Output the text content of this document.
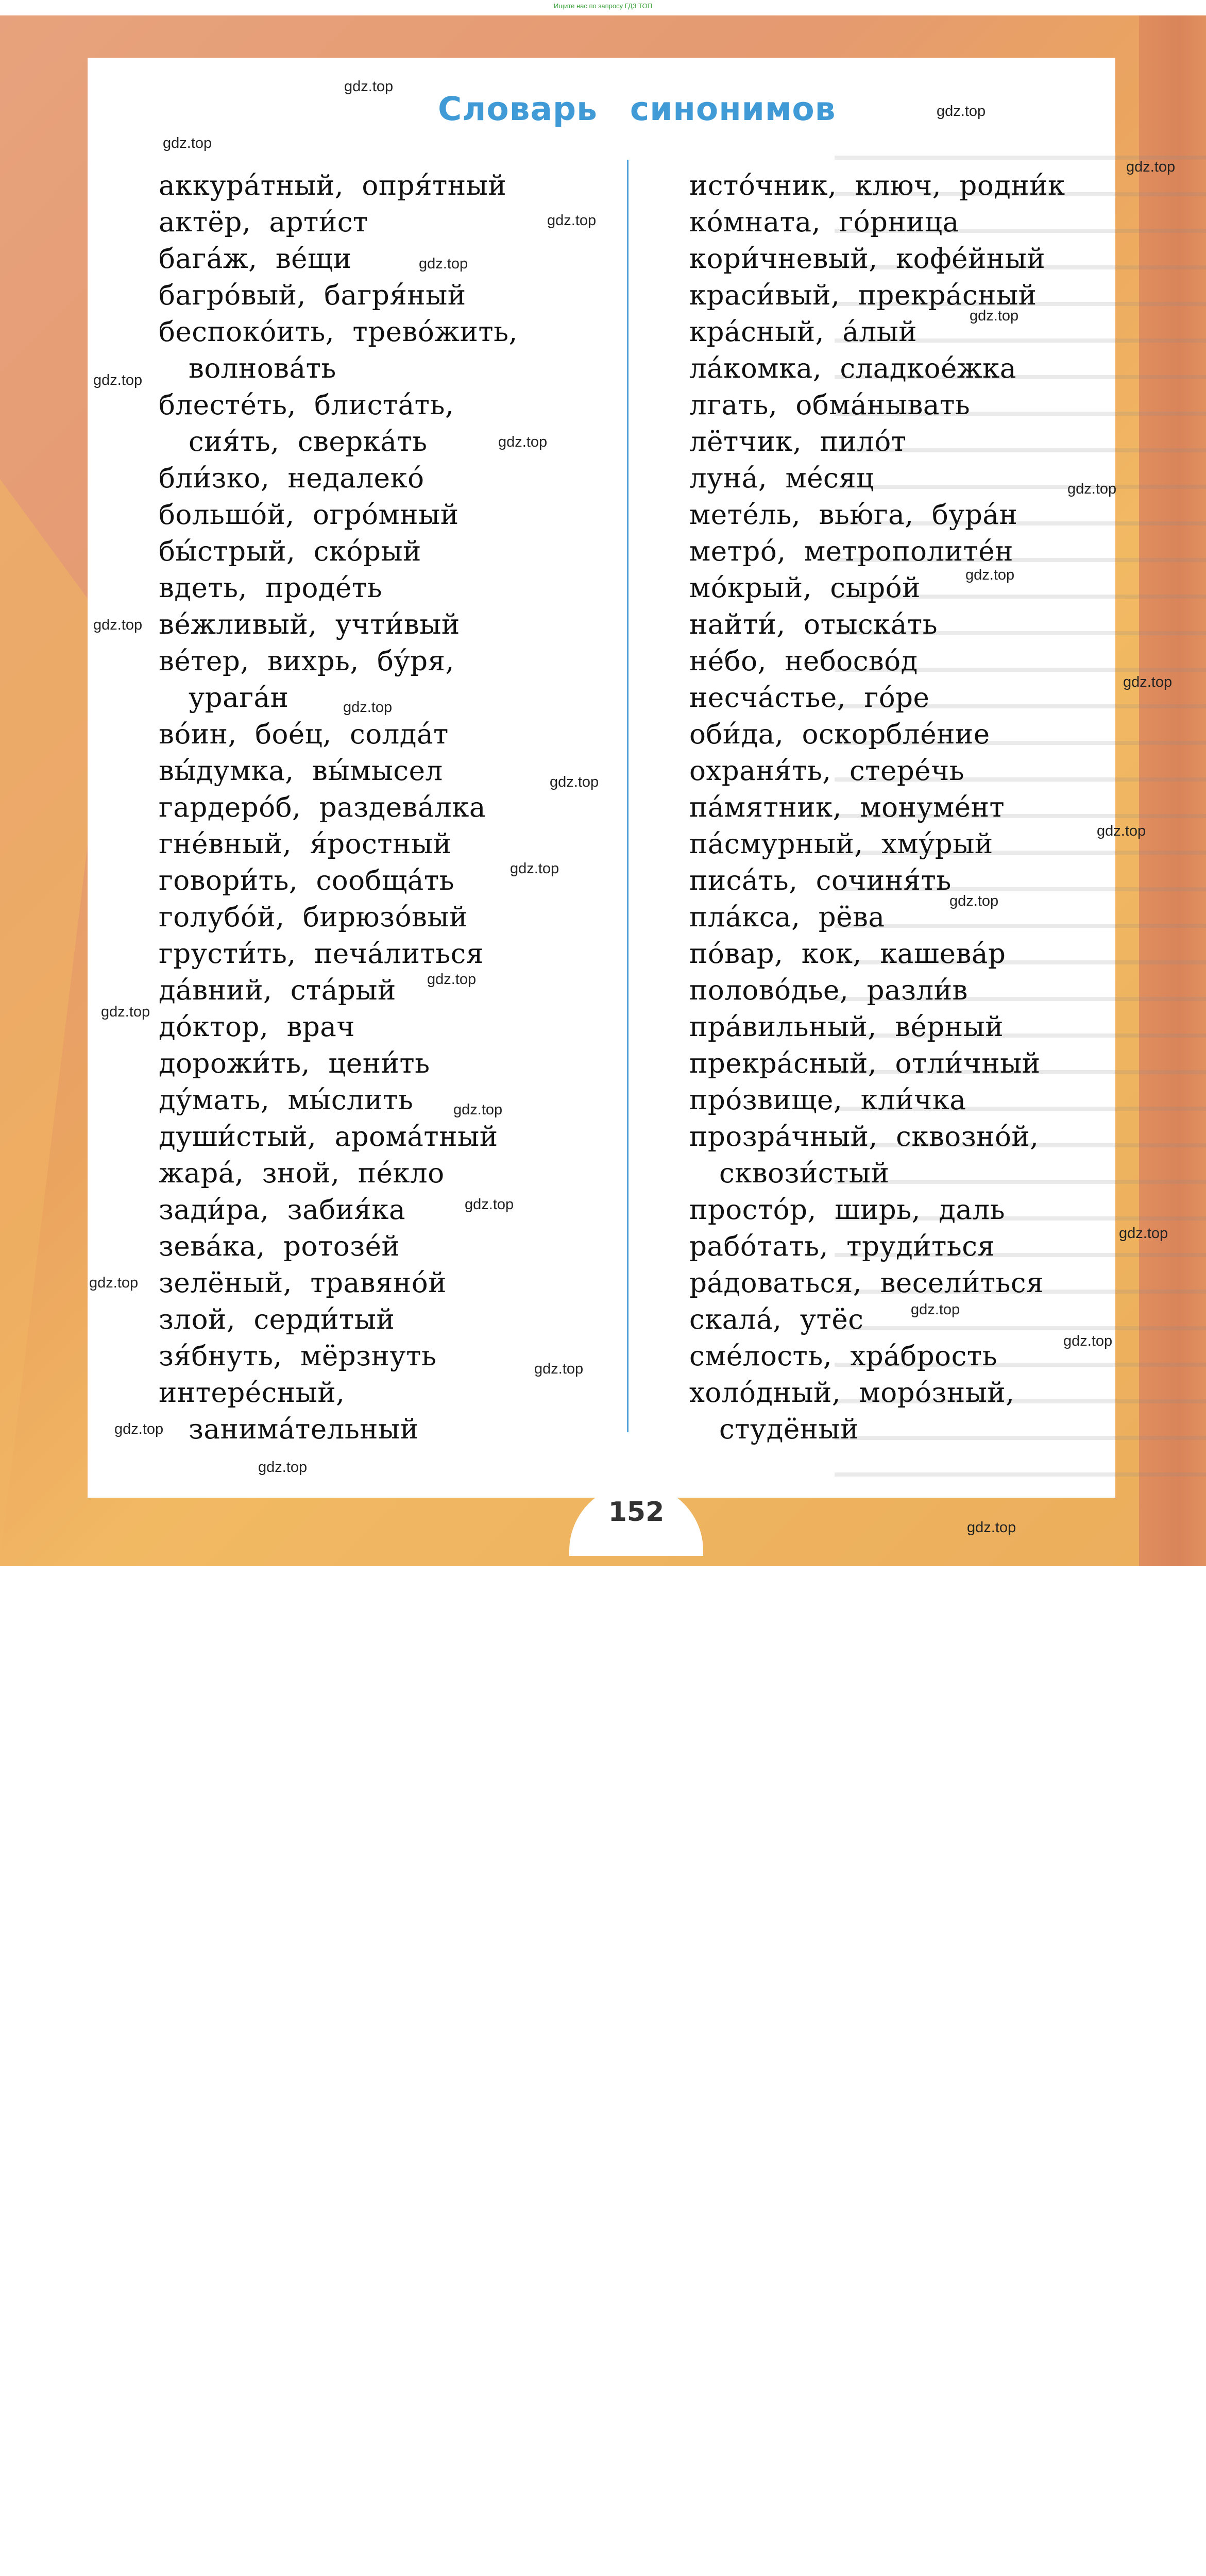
Ищите нас по запросу ГДЗ ТОП
Словарь синонимов
аккура́тный, опря́тный
актёр, арти́ст
бага́ж, ве́щи
багро́вый, багря́ный
беспоко́ить, трево́жить,
волнова́ть
блесте́ть, блиста́ть,
сия́ть, сверка́ть
бли́зко, недалеко́
большо́й, огро́мный
бы́стрый, ско́рый
вдеть, проде́ть
ве́жливый, учти́вый
ве́тер, вихрь, бу́ря,
урага́н
во́ин, бое́ц, солда́т
вы́думка, вы́мысел
гардеро́б, раздева́лка
гне́вный, я́ростный
говори́ть, сообща́ть
голубо́й, бирюзо́вый
грусти́ть, печа́литься
да́вний, ста́рый
до́ктор, врач
дорожи́ть, цени́ть
ду́мать, мы́слить
души́стый, арома́тный
жара́, зной, пе́кло
зади́ра, забия́ка
зева́ка, ротозе́й
зелёный, травяно́й
злой, серди́тый
зя́бнуть, мёрзнуть
интере́сный,
занима́тельный
исто́чник, ключ, родни́к
ко́мната, го́рница
кори́чневый, кофе́йный
краси́вый, прекра́сный
кра́сный, а́лый
ла́комка, сладкое́жка
лгать, обма́нывать
лётчик, пило́т
луна́, ме́сяц
мете́ль, вью́га, бура́н
метро́, метрополите́н
мо́крый, сыро́й
найти́, отыска́ть
не́бо, небосво́д
несча́стье, го́ре
оби́да, оскорбле́ние
охраня́ть, стере́чь
па́мятник, монуме́нт
па́смурный, хму́рый
писа́ть, сочиня́ть
пла́кса, рёва
по́вар, кок, кашева́р
полово́дье, разли́в
пра́вильный, ве́рный
прекра́сный, отли́чный
про́звище, кли́чка
прозра́чный, сквозно́й,
сквози́стый
просто́р, ширь, даль
рабо́тать, труди́ться
ра́доваться, весели́ться
скала́, утёс
сме́лость, хра́брость
холо́дный, моро́зный,
студёный
152
gdz.top
gdz.top
gdz.top
gdz.top
gdz.top
gdz.top
gdz.top
gdz.top
gdz.top
gdz.top
gdz.top
gdz.top
gdz.top
gdz.top
gdz.top
gdz.top
gdz.top
gdz.top
gdz.top
gdz.top
gdz.top
gdz.top
gdz.top
gdz.top
gdz.top
gdz.top
gdz.top
gdz.top
gdz.top
gdz.top
